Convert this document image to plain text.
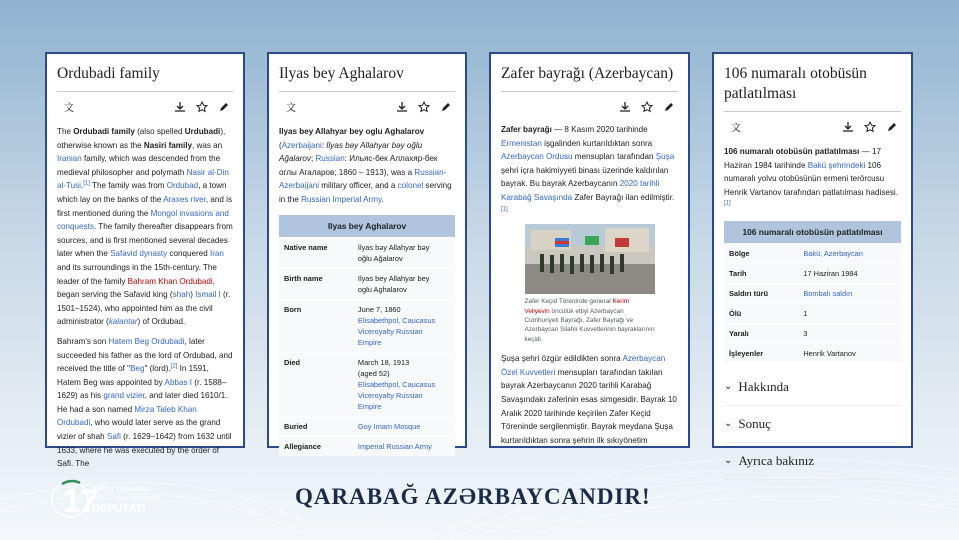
Ordubadi family
文

The Ordubadi family (also spelled Urdubadi), otherwise known as the Nasiri family, was an Iranian family, which was descended from the medieval philosopher and polymath Nasir al-Din al-Tusi.[1] The family was from Ordubad, a town which lay on the banks of the Araxes river, and is first mentioned during the Mongol invasions and conquests. The family thereafter disappears from sources, and is first mentioned several decades later when the Safavid dynasty conquered Iran and its surroundings in the 15th-century. The leader of the family Bahram Khan Ordubadi, began serving the Safavid king (shah) Ismail I (r. 1501–1524), who appointed him as the civil administrator (kalantar) of Ordubad.

Bahram's son Hatem Beg Ordubadi, later succeeded his father as the lord of Ordubad, and received the title of "Beg" (lord).[2] In 1591, Hatem Beg was appointed by Abbas I (r. 1588–1629) as his grand vizier, and later died 1610/1. He had a son named Mirza Taleb Khan Ordubadi, who would later serve as the grand vizier of shah Safi (r. 1629–1642) from 1632 until 1633, where he was executed by the order of Safi. The

Ilyas bey Aghalarov
文

Ilyas bey Allahyar bey oglu Aghalarov (Azerbaijani: İlyas bəy Allahyar bəy oğlu Ağalarov; Russian: Ильяс-бек Аллахяр-бек оглы Агаларов; 1860 – 1913), was a Russian-Azerbaijani military officer, and a colonel serving in the Russian Imperial Army.

Ilyas bey Aghalarov	
Native name	İlyas bəy Allahyar bəy
oğlu Ağalarov

Birth name	Ilyas bey Allahyar bey
oglu Aghalarov

Born	June 7, 1860
Elisabethpol, Caucasus
Viceroyalty Russian
Empire

Died	March 18, 1913
(aged 52)
Elisabethpol, Caucasus
Viceroyalty Russian
Empire

Buried	Goy Imam Mosque

Allegiance	Imperial Russian Army
Zafer bayrağı (Azerbaycan)

Zafer bayrağı — 8 Kasım 2020 tarihinde Ermenistan işgalinden kurtarıldıktan sonra Azerbaycan Ordusu mensupları tarafından Şuşa şehri içra hakimiyyeti binası üzerinde kaldırılan bayrak. Bu bayrak Azerbaycanın 2020 tarihli Karabağ Savaşında Zafer Bayrağı ilan edilmiştir.[1]

Zafer Keçid Töreninde general Kerim Veliyevin öncülük ettiyi Azerbaycan Cumhuriyeti Bayrağı, Zafer Bayrağı ve Azerbaycan Silahlı Kuvvetlerinin bayraklarının keçidi.

Şuşa şehri özgür edildikten sonra Azerbaycan Özel Kuvvetleri mensupları tarafından takılan bayrak Azerbaycanın 2020 tarihli Karabağ Savaşındakı zaferinin esas simgesidir. Bayrak 10 Aralık 2020 tarihinde keçirilen Zafer Keçid Töreninde sergilenmiştir. Bayrak meydana Şuşa kurtarıldıktan sonra şehrin ilk sıkıyönetim

106 numaralı otobüsün patlatılması
文

106 numaralı otobüsün patlatılması — 17 Haziran 1984 tarihinde Bakü şehrindeki 106 numaralı yolvu otobüsünün ermeni terörcusu Henrik Vartanov tarafından patlatılması hadisesi.[1]

106 numaralı otobüsün patlatılması	
Bölge	Bakü, Azerbaycan

Tarih	17 Haziran 1984

Saldırı türü	Bombalı saldırı

Ölü	1

Yaralı	3

İşleyenler	Henrik Vartanov
⌄ Hakkında
⌄ Sonuç
⌄ Ayrıca bakınız
17
SAYLI YASAMAL
ÜÇÜNCÜ SEÇKİ DAİRƏSİNİN
DEPUTATI	QARABAĞ AZƏRBAYCANDIR!
